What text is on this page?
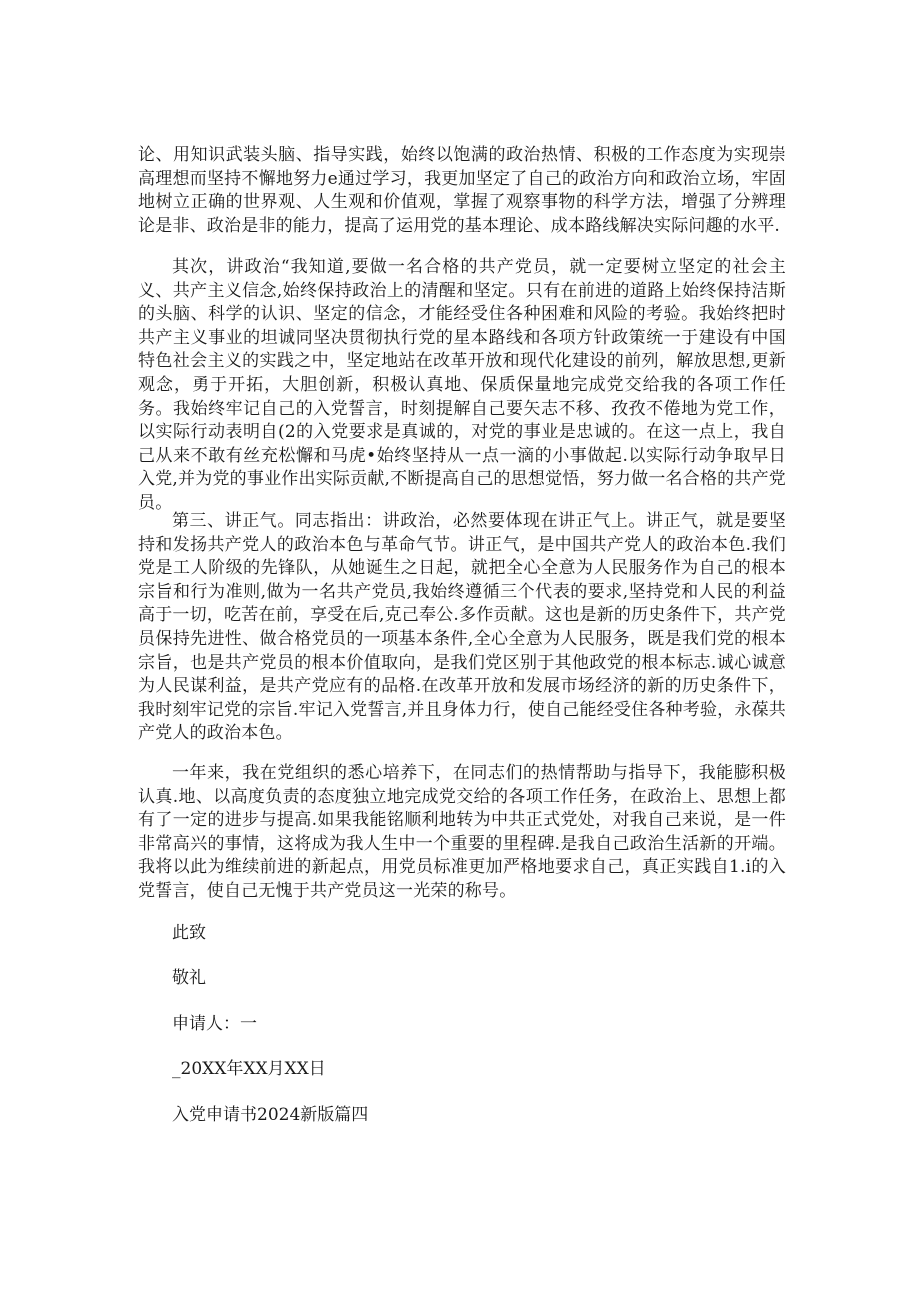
论、用知识武装头脑、指导实践，始终以饱满的政治热情、积极的工作态度为实现崇高理想而坚持不懈地努力e通过学习，我更加坚定了自己的政治方向和政治立场，牢固地树立正确的世界观、人生观和价值观，掌握了观察事物的科学方法，增强了分辨理论是非、政治是非的能力，提高了运用党的基本理论、成本路线解决实际问趣的水平.

其次，讲政治“我知道,要做一名合格的共产党员，就一定要树立坚定的社会主义、共产主义信念,始终保持政治上的清醒和坚定。只有在前进的道路上始终保持洁斯的头脑、科学的认识、坚定的信念，才能经受住各种困难和风险的考验。我始终把时共产主义事业的坦诚同坚决贯彻执行党的星本路线和各项方针政策统一于建设有中国特色社会主义的实践之中，坚定地站在改革开放和现代化建设的前列，解放思想,更新观念，勇于开拓，大胆创新，积极认真地、保质保量地完成党交给我的各项工作任务。我始终牢记自己的入党誓言，时刻提解自己要矢志不移、孜孜不倦地为党工作，以实际行动表明自(2的入党要求是真诚的，对党的事业是忠诚的。在这一点上，我自己从来不敢有丝充松懈和马虎•始终坚持从一点一滴的小事做起.以实际行动争取早日入党,并为党的事业作出实际贡献,不断提高自己的思想觉悟，努力做一名合格的共产党员。

第三、讲正气。同志指出：讲政治，必然要体现在讲正气上。讲正气，就是要坚持和发扬共产党人的政治本色与革命气节。讲正气，是中国共产党人的政治本色.我们党是工人阶级的先锋队，从她诞生之日起，就把全心全意为人民服务作为自己的根本宗旨和行为准则,做为一名共产党员,我始终遵循三个代表的要求,坚持党和人民的利益高于一切，吃苦在前，享受在后,克己奉公.多作贡献。这也是新的历史条件下，共产党员保持先进性、做合格党员的一项基本条件,全心全意为人民服务，既是我们党的根本宗旨，也是共产党员的根本价值取向，是我们党区别于其他政党的根本标志.诚心诚意为人民谋利益，是共产党应有的品格.在改革开放和发展市场经济的新的历史条件下，我时刻牢记党的宗旨.牢记入党誓言,并且身体力行，使自己能经受住各种考验，永葆共产党人的政治本色。

一年来，我在党组织的悉心培养下，在同志们的热情帮助与指导下，我能膨积极认真.地、以高度负责的态度独立地完成党交给的各项工作任务，在政治上、思想上都有了一定的进步与提高.如果我能铭顺利地转为中共正式党处，对我自己来说，是一件非常高兴的事情，这将成为我人生中一个重要的里程碑.是我自己政治生活新的开端。我将以此为维续前进的新起点，用党员标准更加严格地要求自己，真正实践自1.i的入党誓言，使自己无愧于共产党员这一光荣的称号。

此致

敬礼

申请人：一

_20XX年XX月XX日

入党申请书2024新版篇四
